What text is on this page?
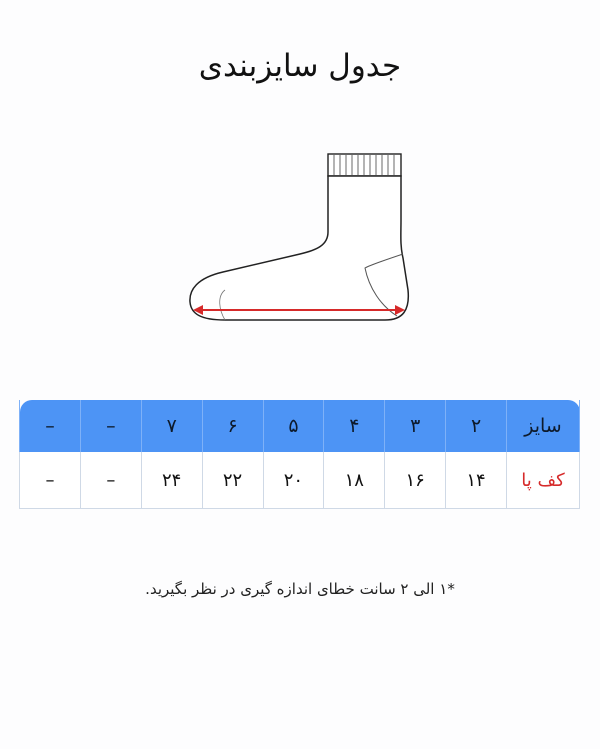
جدول سایزبندی
سایز	۲	۳	۴	۵	۶	۷	–	–
کف پا	۱۴	۱۶	۱۸	۲۰	۲۲	۲۴	–	–
*۱ الی ۲ سانت خطای اندازه گیری در نظر بگیرید.
